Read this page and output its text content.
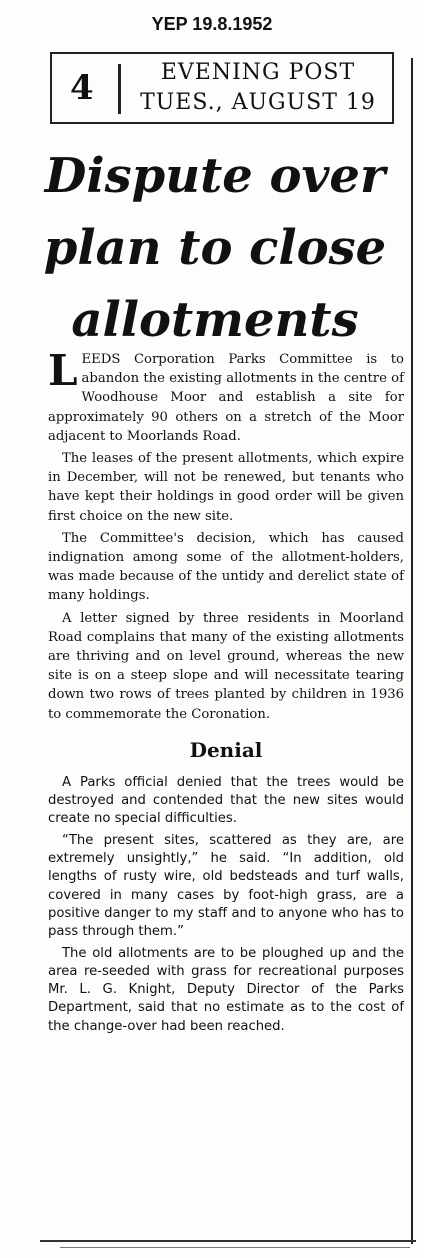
YEP 19.8.1952
4	EVENING POST
TUES., AUGUST 19
Dispute over plan to close allotments

LEEDS Corporation Parks Committee is to abandon the existing allotments in the centre of Woodhouse Moor and establish a site for approximately 90 others on a stretch of the Moor adjacent to Moorlands Road.

The leases of the present allotments, which expire in December, will not be renewed, but tenants who have kept their holdings in good order will be given first choice on the new site.

The Committee's decision, which has caused indignation among some of the allotment-holders, was made because of the untidy and derelict state of many holdings.

A letter signed by three residents in Moorland Road complains that many of the existing allotments are thriving and on level ground, whereas the new site is on a steep slope and will necessitate tearing down two rows of trees planted by children in 1936 to commemorate the Coronation.

Denial

A Parks official denied that the trees would be destroyed and contended that the new sites would create no special difficulties.

“The present sites, scattered as they are, are extremely unsightly,” he said. “In addition, old lengths of rusty wire, old bedsteads and turf walls, covered in many cases by foot-high grass, are a positive danger to my staff and to anyone who has to pass through them.”

The old allotments are to be ploughed up and the area re-seeded with grass for recreational purposes Mr. L. G. Knight, Deputy Director of the Parks Department, said that no estimate as to the cost of the change-over had been reached.
